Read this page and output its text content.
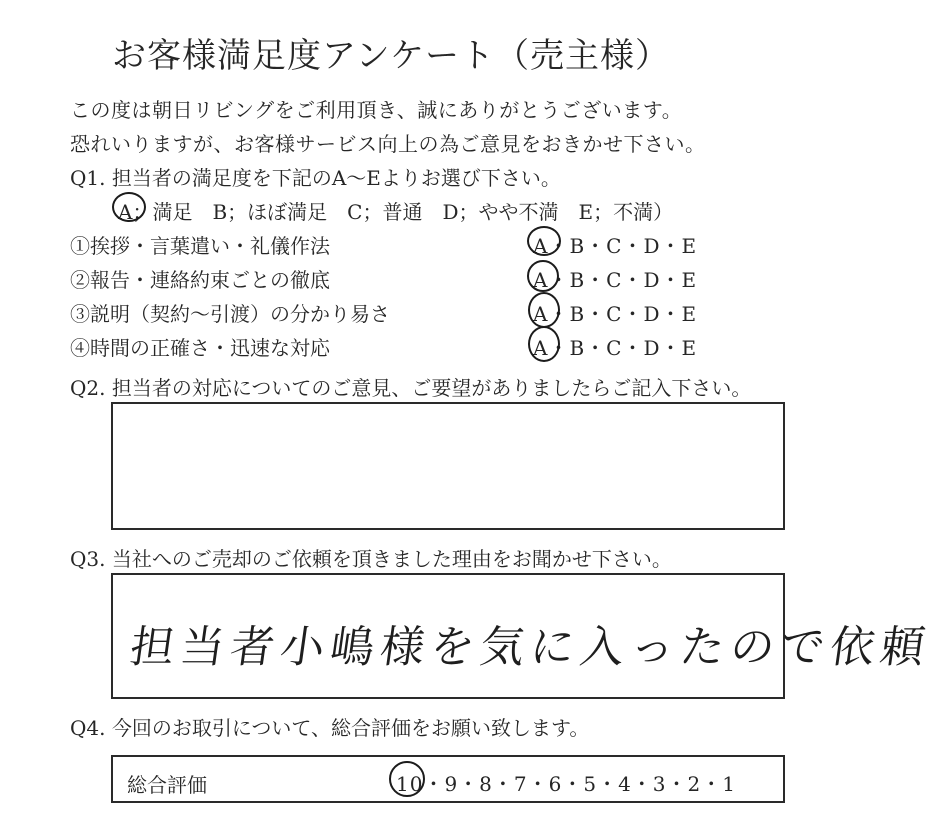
お客様満足度アンケート（売主様）
この度は朝日リビングをご利用頂き、誠にありがとうございます。
恐れいりますが、お客様サービス向上の為ご意見をおきかせ下さい。
Q1. 担当者の満足度を下記のA〜Eよりお選び下さい。
A；満足　B；ほぼ満足　C；普通　D；やや不満　E；不満）
①挨拶・言葉遣い・礼儀作法	A・B・C・D・E
②報告・連絡約束ごとの徹底	A・B・C・D・E
③説明（契約〜引渡）の分かり易さ	A・B・C・D・E
④時間の正確さ・迅速な対応	A・B・C・D・E
Q2. 担当者の対応についてのご意見、ご要望がありましたらご記入下さい。
Q3. 当社へのご売却のご依頼を頂きました理由をお聞かせ下さい。
担当者小嶋様を気に入ったので依頼
Q4. 今回のお取引について、総合評価をお願い致します。
総合評価	10・9・8・7・6・5・4・3・2・1
